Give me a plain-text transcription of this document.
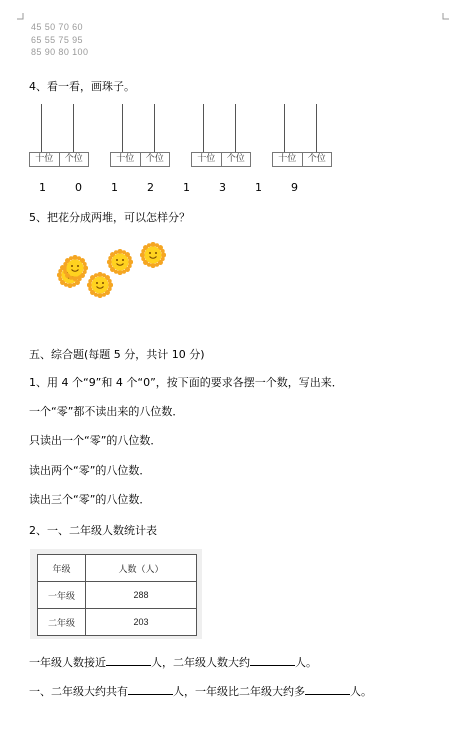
45 50 70 60
65 55 75 95
85 90 80 100
4、看一看，画珠子。
十位	个位	十位	个位	十位	个位	十位	个位
1	0	1	2	1	3	1	9
5、把花分成两堆，可以怎样分？
五、综合题(每题 5 分，共计 10 分)
1、用 4 个“9”和 4 个“0”，按下面的要求各摆一个数，写出来．
一个“零”都不读出来的八位数．
只读出一个“零”的八位数．
读出两个“零”的八位数．
读出三个“零”的八位数．
2、一、二年级人数统计表
年级	人数（人）
一年级	288
二年级	203
一年级人数接近	人，二年级人数大约	人。
一、二年级大约共有	人，一年级比二年级大约多	人。
